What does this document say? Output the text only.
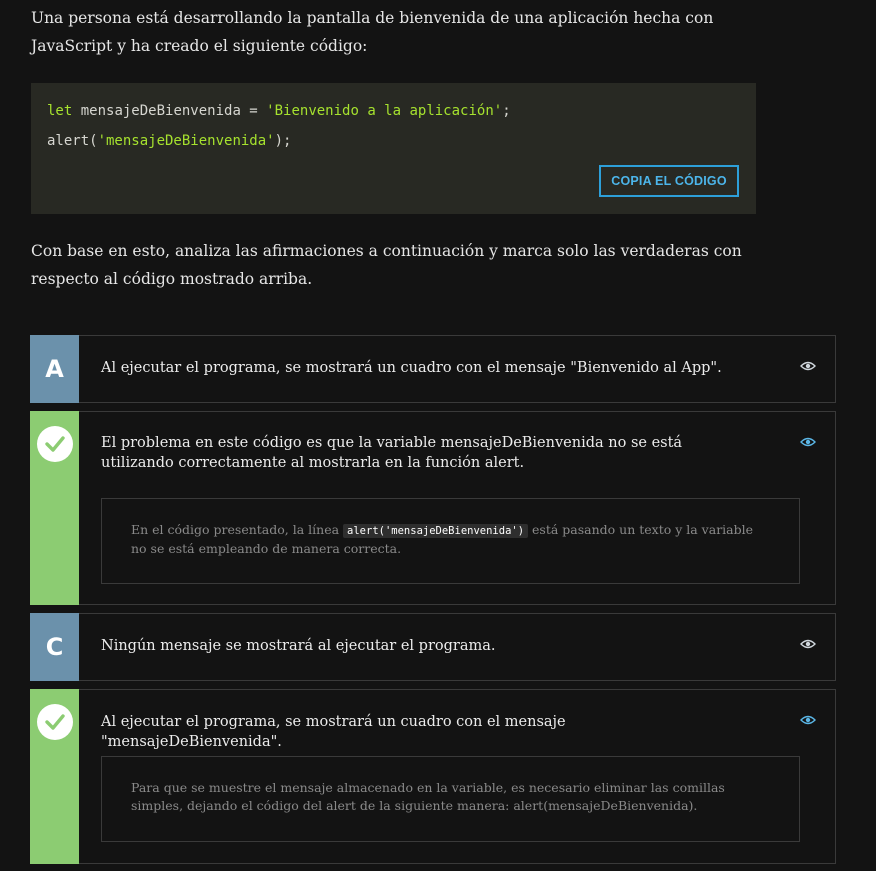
Una persona está desarrollando la pantalla de bienvenida de una aplicación hecha con JavaScript y ha creado el siguiente código:

let mensajeDeBienvenida = 'Bienvenido a la aplicación';
alert('mensajeDeBienvenida');
COPIA EL CÓDIGO

Con base en esto, analiza las afirmaciones a continuación y marca solo las verdaderas con respecto al código mostrado arriba.

A	Al ejecutar el programa, se mostrará un cuadro con el mensaje "Bienvenido al App".
El problema en este código es que la variable mensajeDeBienvenida no se está utilizando correctamente al mostrarla en la función alert.
En el código presentado, la línea alert('mensajeDeBienvenida') está pasando un texto y la variable no se está empleando de manera correcta.
C	Ningún mensaje se mostrará al ejecutar el programa.
Al ejecutar el programa, se mostrará un cuadro con el mensaje "mensajeDeBienvenida".
Para que se muestre el mensaje almacenado en la variable, es necesario eliminar las comillas simples, dejando el código del alert de la siguiente manera: alert(mensajeDeBienvenida).
